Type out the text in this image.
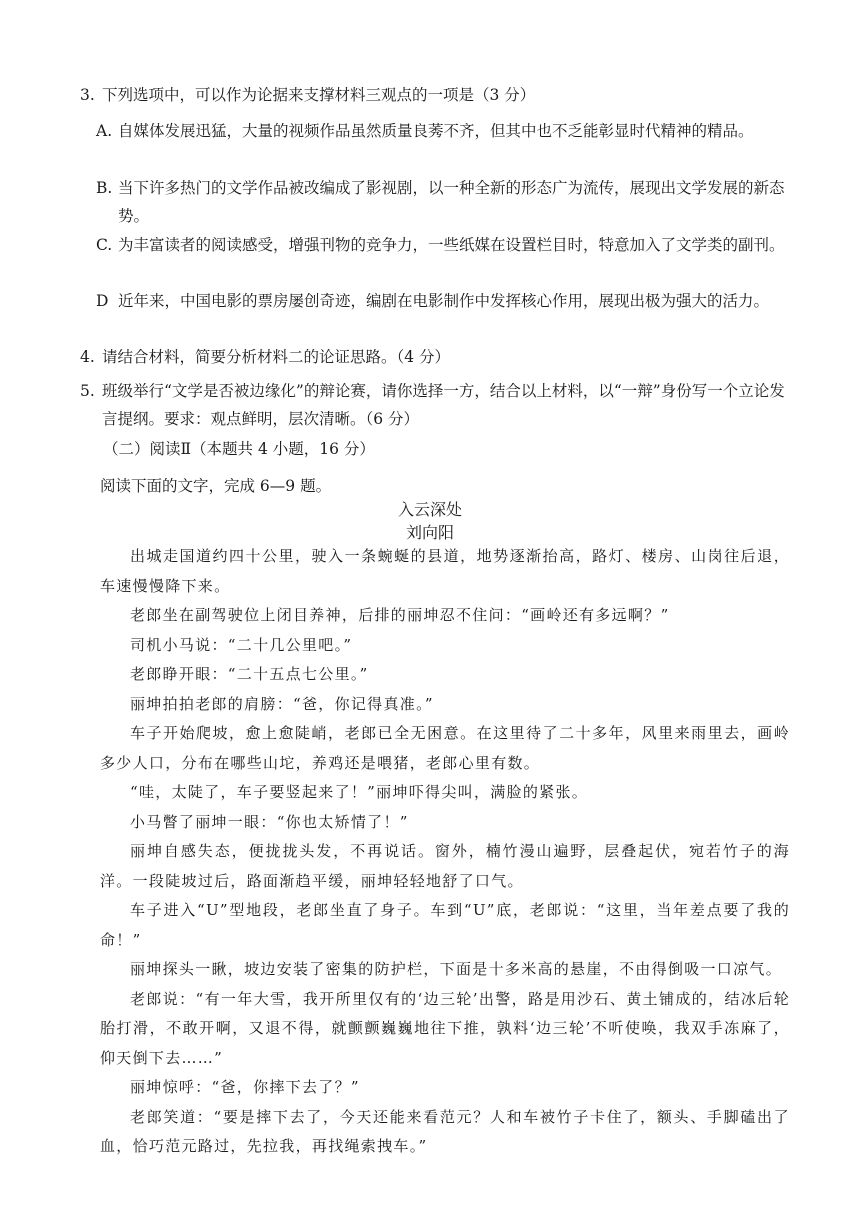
3. 下列选项中，可以作为论据来支撑材料三观点的一项是（3 分）
A. 自媒体发展迅猛，大量的视频作品虽然质量良莠不齐，但其中也不乏能彰显时代精神的精品。
B. 当下许多热门的文学作品被改编成了影视剧，以一种全新的形态广为流传，展现出文学发展的新态势。
C. 为丰富读者的阅读感受，增强刊物的竞争力，一些纸媒在设置栏目时，特意加入了文学类的副刊。
D 近年来，中国电影的票房屡创奇迹，编剧在电影制作中发挥核心作用，展现出极为强大的活力。
4. 请结合材料，简要分析材料二的论证思路。（4 分）
5. 班级举行“文学是否被边缘化”的辩论赛，请你选择一方，结合以上材料，以“一辩”身份写一个立论发言提纲。要求：观点鲜明，层次清晰。（6 分）
（二）阅读Ⅱ（本题共 4 小题，16 分）
阅读下面的文字，完成 6—9 题。
入云深处
刘向阳

出城走国道约四十公里，驶入一条蜿蜒的县道，地势逐渐抬高，路灯、楼房、山岗往后退，车速慢慢降下来。

老郎坐在副驾驶位上闭目养神，后排的丽坤忍不住问：“画岭还有多远啊？”

司机小马说：“二十几公里吧。”

老郎睁开眼：“二十五点七公里。”

丽坤拍拍老郎的肩膀：“爸，你记得真准。”

车子开始爬坡，愈上愈陡峭，老郎已全无困意。在这里待了二十多年，风里来雨里去，画岭多少人口，分布在哪些山坨，养鸡还是喂猪，老郎心里有数。

“哇，太陡了，车子要竖起来了！”丽坤吓得尖叫，满脸的紧张。

小马瞥了丽坤一眼：“你也太矫情了！”

丽坤自感失态，便拢拢头发，不再说话。窗外，楠竹漫山遍野，层叠起伏，宛若竹子的海洋。一段陡坡过后，路面渐趋平缓，丽坤轻轻地舒了口气。

车子进入“U”型地段，老郎坐直了身子。车到“U”底，老郎说：“这里，当年差点要了我的命！”

丽坤探头一瞅，坡边安装了密集的防护栏，下面是十多米高的悬崖，不由得倒吸一口凉气。

老郎说：“有一年大雪，我开所里仅有的‘边三轮’出警，路是用沙石、黄土铺成的，结冰后轮胎打滑，不敢开啊，又退不得，就颤颤巍巍地往下推，孰料‘边三轮’不听使唤，我双手冻麻了，仰天倒下去……”

丽坤惊呼：“爸，你摔下去了？”

老郎笑道：“要是摔下去了，今天还能来看范元？人和车被竹子卡住了，额头、手脚磕出了血，恰巧范元路过，先拉我，再找绳索拽车。”
